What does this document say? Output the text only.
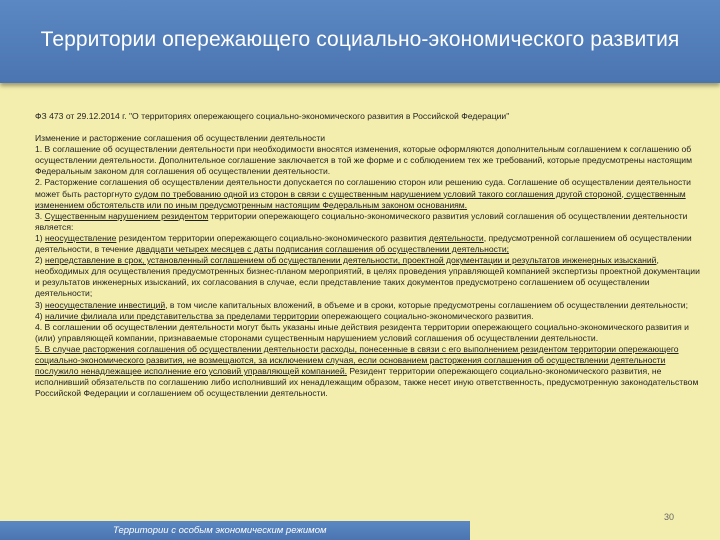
Территории опережающего социально-экономического развития

ФЗ 473 от 29.12.2014 г. "О территориях опережающего социально-экономического развития в Российской Федерации"

Изменение и расторжение соглашения об осуществлении деятельности

1. В соглашение об осуществлении деятельности при необходимости вносятся изменения, которые оформляются дополнительным соглашением к соглашению об осуществлении деятельности. Дополнительное соглашение заключается в той же форме и с соблюдением тех же требований, которые предусмотрены настоящим Федеральным законом для соглашения об осуществлении деятельности.

2. Расторжение соглашения об осуществлении деятельности допускается по соглашению сторон или решению суда. Соглашение об осуществлении деятельности может быть расторгнуто судом по требованию одной из сторон в связи с существенным нарушением условий такого соглашения другой стороной, существенным изменением обстоятельств или по иным предусмотренным настоящим Федеральным законом основаниям.

3. Существенным нарушением резидентом территории опережающего социально-экономического развития условий соглашения об осуществлении деятельности является:

1) неосуществление резидентом территории опережающего социально-экономического развития деятельности, предусмотренной соглашением об осуществлении деятельности, в течение двадцати четырех месяцев с даты подписания соглашения об осуществлении деятельности;

2) непредставление в срок, установленный соглашением об осуществлении деятельности, проектной документации и результатов инженерных изысканий, необходимых для осуществления предусмотренных бизнес-планом мероприятий, в целях проведения управляющей компанией экспертизы проектной документации и результатов инженерных изысканий, их согласования в случае, если представление таких документов предусмотрено соглашением об осуществлении деятельности;

3) неосуществление инвестиций, в том числе капитальных вложений, в объеме и в сроки, которые предусмотрены соглашением об осуществлении деятельности;

4) наличие филиала или представительства за пределами территории опережающего социально-экономического развития.

4. В соглашении об осуществлении деятельности могут быть указаны иные действия резидента территории опережающего социально-экономического развития и (или) управляющей компании, признаваемые сторонами существенным нарушением условий соглашения об осуществлении деятельности.

5. В случае расторжения соглашения об осуществлении деятельности расходы, понесенные в связи с его выполнением резидентом территории опережающего социально-экономического развития, не возмещаются, за исключением случая, если основанием расторжения соглашения об осуществлении деятельности послужило ненадлежащее исполнение его условий управляющей компанией. Резидент территории опережающего социально-экономического развития, не исполнивший обязательств по соглашению либо исполнивший их ненадлежащим образом, также несет иную ответственность, предусмотренную законодательством Российской Федерации и соглашением об осуществлении деятельности.

30
Территории с особым экономическим режимом
